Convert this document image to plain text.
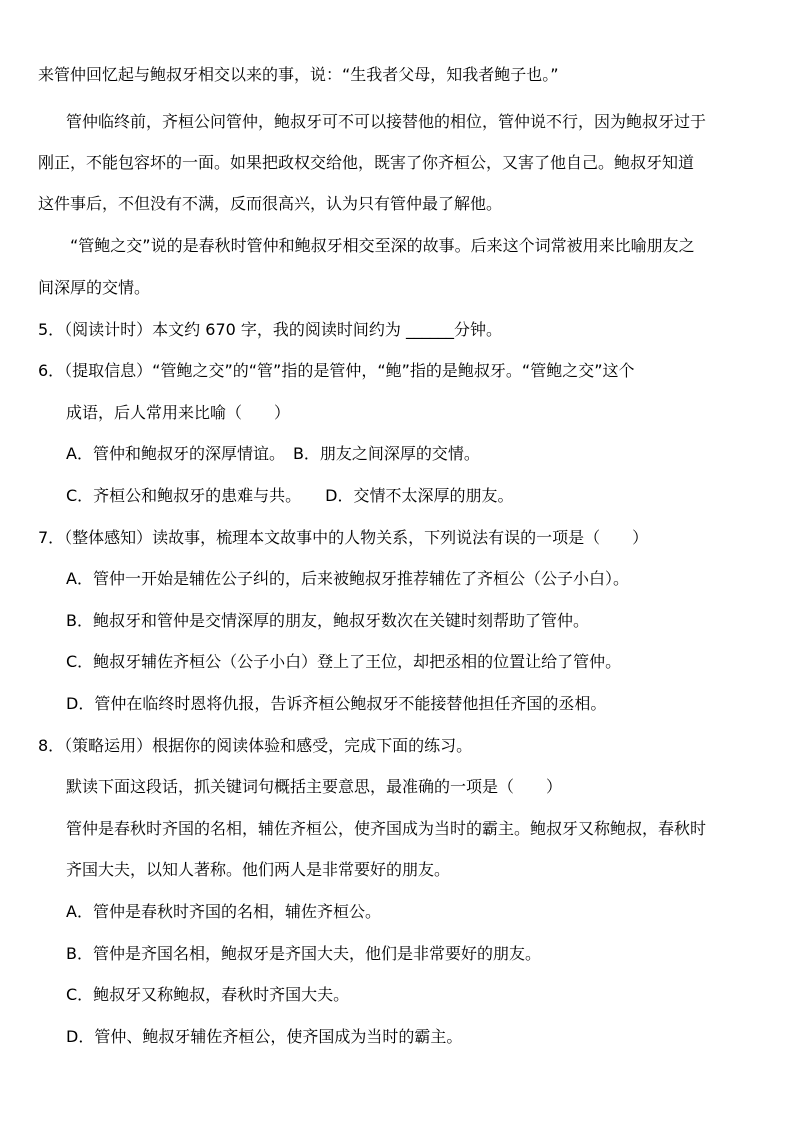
来管仲回忆起与鲍叔牙相交以来的事，说：“生我者父母，知我者鲍子也。”
管仲临终前，齐桓公问管仲，鲍叔牙可不可以接替他的相位，管仲说不行，因为鲍叔牙过于
刚正，不能包容坏的一面。如果把政权交给他，既害了你齐桓公，又害了他自己。鲍叔牙知道
这件事后，不但没有不满，反而很高兴，认为只有管仲最了解他。
“管鲍之交”说的是春秋时管仲和鲍叔牙相交至深的故事。后来这个词常被用来比喻朋友之
间深厚的交情。
5．（阅读计时）本文约 670 字，我的阅读时间约为 ______分钟。
6．（提取信息）“管鲍之交”的“管”指的是管仲，“鲍”指的是鲍叔牙。“管鲍之交”这个
成语，后人常用来比喻（　　）
A．管仲和鲍叔牙的深厚情谊。　B．朋友之间深厚的交情。
C．齐桓公和鲍叔牙的患难与共。　　D．交情不太深厚的朋友。
7．（整体感知）读故事，梳理本文故事中的人物关系，下列说法有误的一项是（　　）
A．管仲一开始是辅佐公子纠的，后来被鲍叔牙推荐辅佐了齐桓公（公子小白）。
B．鲍叔牙和管仲是交情深厚的朋友，鲍叔牙数次在关键时刻帮助了管仲。
C．鲍叔牙辅佐齐桓公（公子小白）登上了王位，却把丞相的位置让给了管仲。
D．管仲在临终时恩将仇报，告诉齐桓公鲍叔牙不能接替他担任齐国的丞相。
8．（策略运用）根据你的阅读体验和感受，完成下面的练习。
默读下面这段话，抓关键词句概括主要意思，最准确的一项是（　　）
管仲是春秋时齐国的名相，辅佐齐桓公，使齐国成为当时的霸主。鲍叔牙又称鲍叔，春秋时
齐国大夫，以知人著称。他们两人是非常要好的朋友。
A．管仲是春秋时齐国的名相，辅佐齐桓公。
B．管仲是齐国名相，鲍叔牙是齐国大夫，他们是非常要好的朋友。
C．鲍叔牙又称鲍叔，春秋时齐国大夫。
D．管仲、鲍叔牙辅佐齐桓公，使齐国成为当时的霸主。
